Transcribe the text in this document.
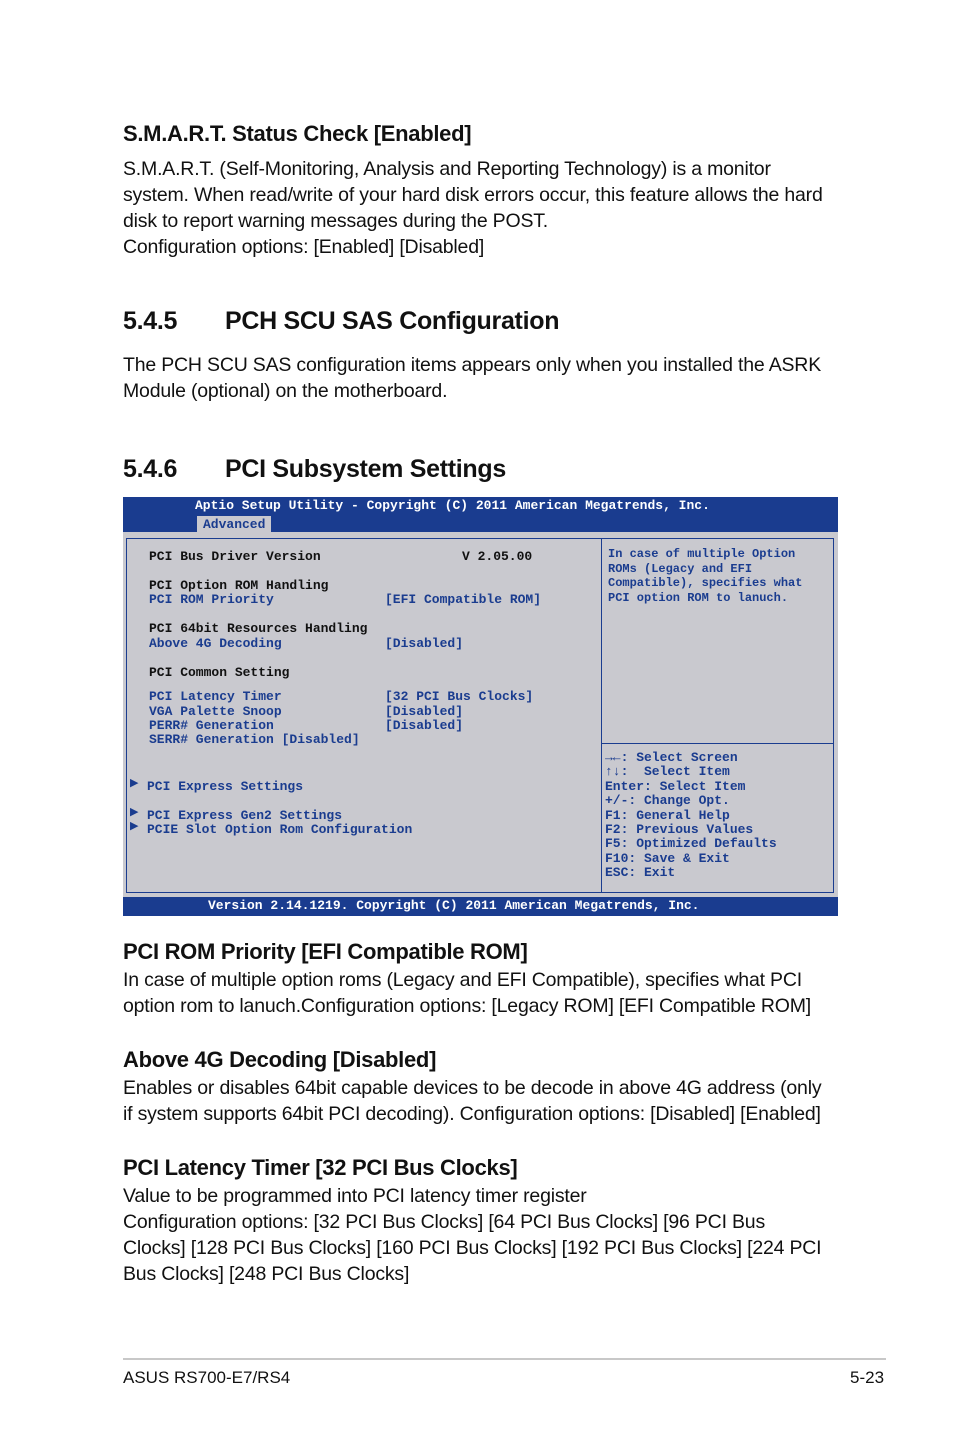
S.M.A.R.T. Status Check [Enabled]
S.M.A.R.T. (Self-Monitoring, Analysis and Reporting Technology) is a monitor
system. When read/write of your hard disk errors occur, this feature allows the hard
disk to report warning messages during the POST.
Configuration options: [Enabled] [Disabled]
5.4.5 PCH SCU SAS Configuration
The PCH SCU SAS configuration items appears only when you installed the ASRK
Module (optional) on the motherboard.
5.4.6 PCI Subsystem Settings
Aptio Setup Utility - Copyright (C) 2011 American Megatrends, Inc.
Advanced
PCI Bus Driver Version	V 2.05.00
PCI Option ROM Handling
PCI ROM Priority	[EFI Compatible ROM]
PCI 64bit Resources Handling
Above 4G Decoding	[Disabled]
PCI Common Setting
PCI Latency Timer	[32 PCI Bus Clocks]
VGA Palette Snoop	[Disabled]
PERR# Generation	[Disabled]
SERR# Generation [Disabled]
▶ PCI Express Settings
▶ PCI Express Gen2 Settings
▶ PCIE Slot Option Rom Configuration
In case of multiple Option
ROMs (Legacy and EFI
Compatible), specifies what
PCI option ROM to lanuch.
→←: Select Screen
↑↓:  Select Item
Enter: Select Item
+/-: Change Opt.
F1: General Help
F2: Previous Values
F5: Optimized Defaults
F10: Save & Exit
ESC: Exit
Version 2.14.1219. Copyright (C) 2011 American Megatrends, Inc.
PCI ROM Priority [EFI Compatible ROM]
In case of multiple option roms (Legacy and EFI Compatible), specifies what PCI
option rom to lanuch.Configuration options: [Legacy ROM] [EFI Compatible ROM]
Above 4G Decoding [Disabled]
Enables or disables 64bit capable devices to be decode in above 4G address (only
if system supports 64bit PCI decoding). Configuration options: [Disabled] [Enabled]
PCI Latency Timer [32 PCI Bus Clocks]
Value to be programmed into PCI latency timer register
Configuration options: [32 PCI Bus Clocks] [64 PCI Bus Clocks] [96 PCI Bus
Clocks] [128 PCI Bus Clocks] [160 PCI Bus Clocks] [192 PCI Bus Clocks] [224 PCI
Bus Clocks] [248 PCI Bus Clocks]
ASUS RS700-E7/RS4	5-23
